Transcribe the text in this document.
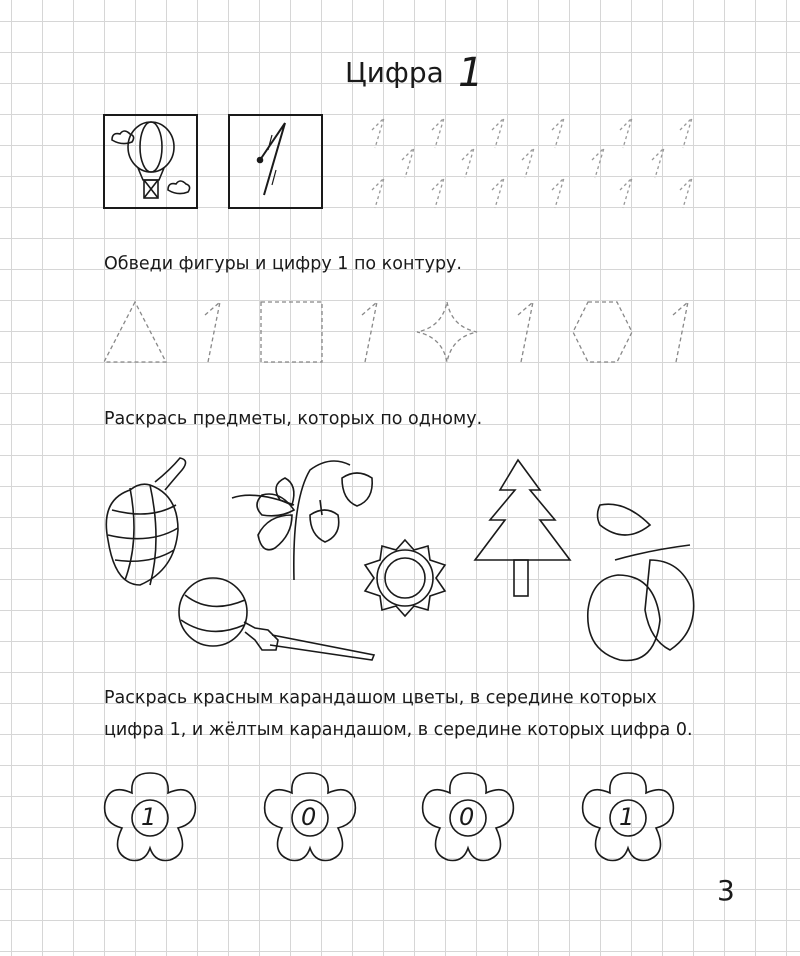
Цифра 1
Обведи фигуры и цифру 1 по контуру.
Раскрась предметы, которых по одному.
Раскрась красным карандашом цветы, в середине которых
цифра 1, и жёлтым карандашом, в середине которых цифра 0.
1	0	0	1
3
